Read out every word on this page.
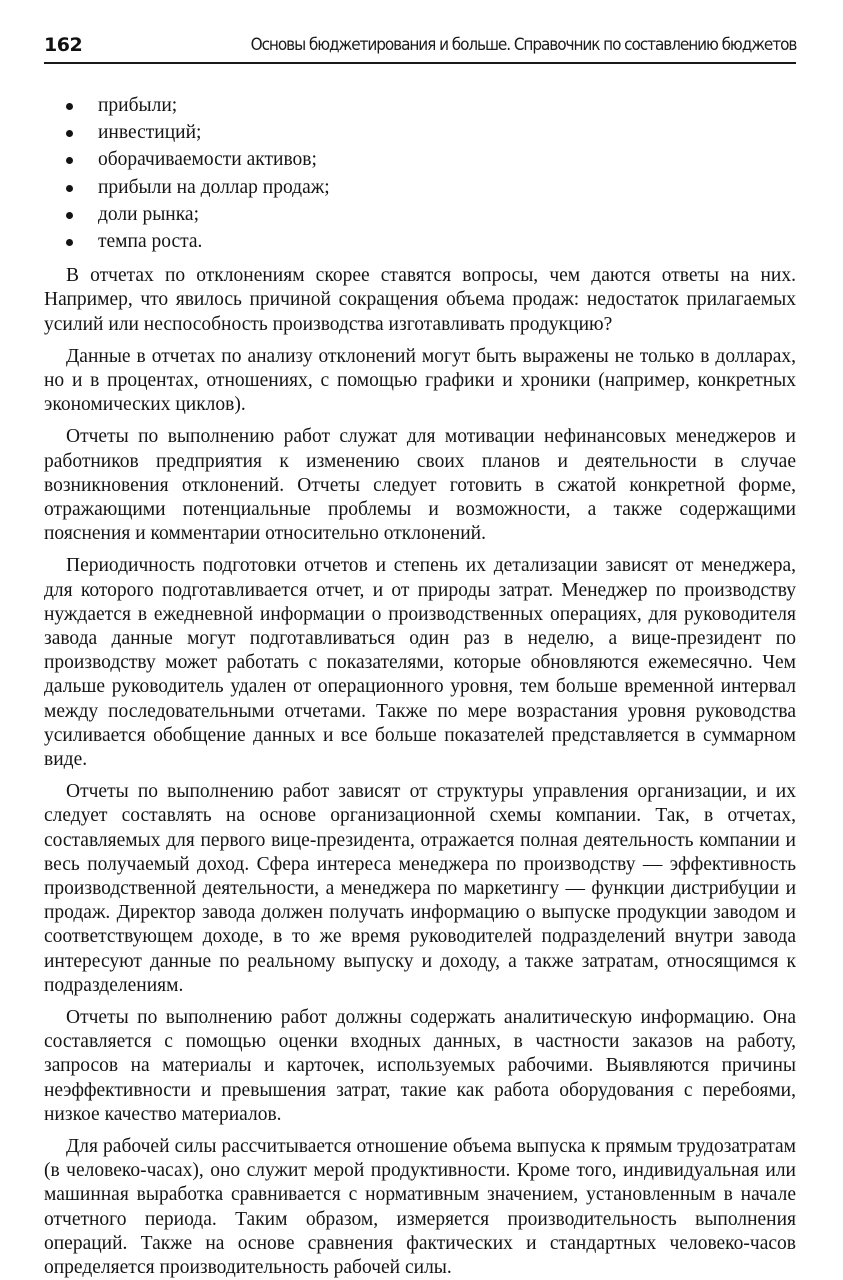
162	Основы бюджетирования и больше. Справочник по составлению бюджетов
прибыли;
инвестиций;
оборачиваемости активов;
прибыли на доллар продаж;
доли рынка;
темпа роста.

В отчетах по отклонениям скорее ставятся вопросы, чем даются ответы на них. Например, что явилось причиной сокращения объема продаж: недостаток прилагаемых усилий или неспособность производства изготавливать продукцию?

Данные в отчетах по анализу отклонений могут быть выражены не только в долларах, но и в процентах, отношениях, с помощью графики и хроники (например, конкретных экономических циклов).

Отчеты по выполнению работ служат для мотивации нефинансовых менеджеров и работников предприятия к изменению своих планов и деятельности в случае возникновения отклонений. Отчеты следует готовить в сжатой конкретной форме, отражающими потенциальные проблемы и возможности, а также содержащими пояснения и комментарии относительно отклонений.

Периодичность подготовки отчетов и степень их детализации зависят от менеджера, для которого подготавливается отчет, и от природы затрат. Менеджер по производству нуждается в ежедневной информации о производственных операциях, для руководителя завода данные могут подготавливаться один раз в неделю, а вице-президент по производству может работать с показателями, которые обновляются ежемесячно. Чем дальше руководитель удален от операционного уровня, тем больше временной интервал между последовательными отчетами. Также по мере возрастания уровня руководства усиливается обобщение данных и все больше показателей представляется в суммарном виде.

Отчеты по выполнению работ зависят от структуры управления организации, и их следует составлять на основе организационной схемы компании. Так, в отчетах, составляемых для первого вице-президента, отражается полная деятельность компании и весь получаемый доход. Сфера интереса менеджера по производству — эффективность производственной деятельности, а менеджера по маркетингу — функции дистрибуции и продаж. Директор завода должен получать информацию о выпуске продукции заводом и соответствующем доходе, в то же время руководителей подразделений внутри завода интересуют данные по реальному выпуску и доходу, а также затратам, относящимся к подразделениям.

Отчеты по выполнению работ должны содержать аналитическую информацию. Она составляется с помощью оценки входных данных, в частности заказов на работу, запросов на материалы и карточек, используемых рабочими. Выявляются причины неэффективности и превышения затрат, такие как работа оборудования с перебоями, низкое качество материалов.

Для рабочей силы рассчитывается отношение объема выпуска к прямым трудозатратам (в человеко-часах), оно служит мерой продуктивности. Кроме того, индивидуальная или машинная выработка сравнивается с нормативным значением, установленным в начале отчетного периода. Таким образом, измеряется производительность выполнения операций. Также на основе сравнения фактических и стандартных человеко-часов определяется производительность рабочей силы.
